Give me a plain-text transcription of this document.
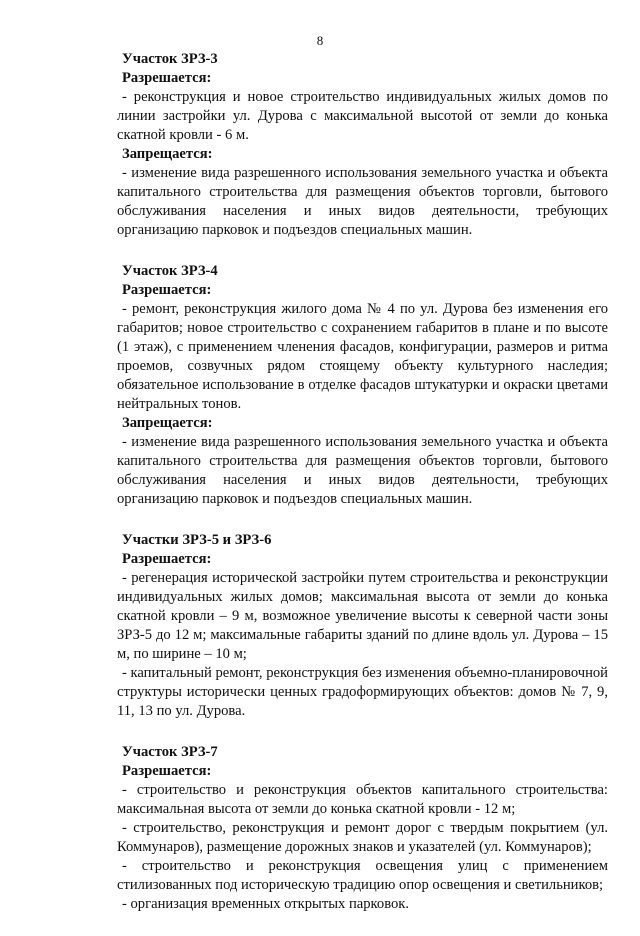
8
Участок ЗРЗ-3
Разрешается:

- реконструкция и новое строительство индивидуальных жилых домов по линии застройки ул. Дурова с максимальной высотой от земли до конька скатной кровли - 6 м.

Запрещается:

- изменение вида разрешенного использования земельного участка и объекта капитального строительства для размещения объектов торговли, бытового обслуживания населения и иных видов деятельности, требующих организацию парковок и подъездов специальных машин.

Участок ЗРЗ-4
Разрешается:

- ремонт, реконструкция жилого дома № 4 по ул. Дурова без изменения его габаритов; новое строительство с сохранением габаритов в плане и по высоте (1 этаж), с применением членения фасадов, конфигурации, размеров и ритма проемов, созвучных рядом стоящему объекту культурного наследия; обязательное использование в отделке фасадов штукатурки и окраски цветами нейтральных тонов.

Запрещается:

- изменение вида разрешенного использования земельного участка и объекта капитального строительства для размещения объектов торговли, бытового обслуживания населения и иных видов деятельности, требующих организацию парковок и подъездов специальных машин.

Участки ЗРЗ-5 и ЗРЗ-6
Разрешается:

- регенерация исторической застройки путем строительства и реконструкции индивидуальных жилых домов; максимальная высота от земли до конька скатной кровли – 9 м, возможное увеличение высоты к северной части зоны ЗРЗ-5 до 12 м; максимальные габариты зданий по длине вдоль ул. Дурова – 15 м, по ширине – 10 м;

- капитальный ремонт, реконструкция без изменения объемно-планировочной структуры исторически ценных градоформирующих объектов: домов № 7, 9, 11, 13 по ул. Дурова.

Участок ЗРЗ-7
Разрешается:

- строительство и реконструкция объектов капитального строительства: максимальная высота от земли до конька скатной кровли - 12 м;

- строительство, реконструкция и ремонт дорог с твердым покрытием (ул. Коммунаров), размещение дорожных знаков и указателей (ул. Коммунаров);

- строительство и реконструкция освещения улиц с применением стилизованных под историческую традицию опор освещения и светильников;

- организация временных открытых парковок.
